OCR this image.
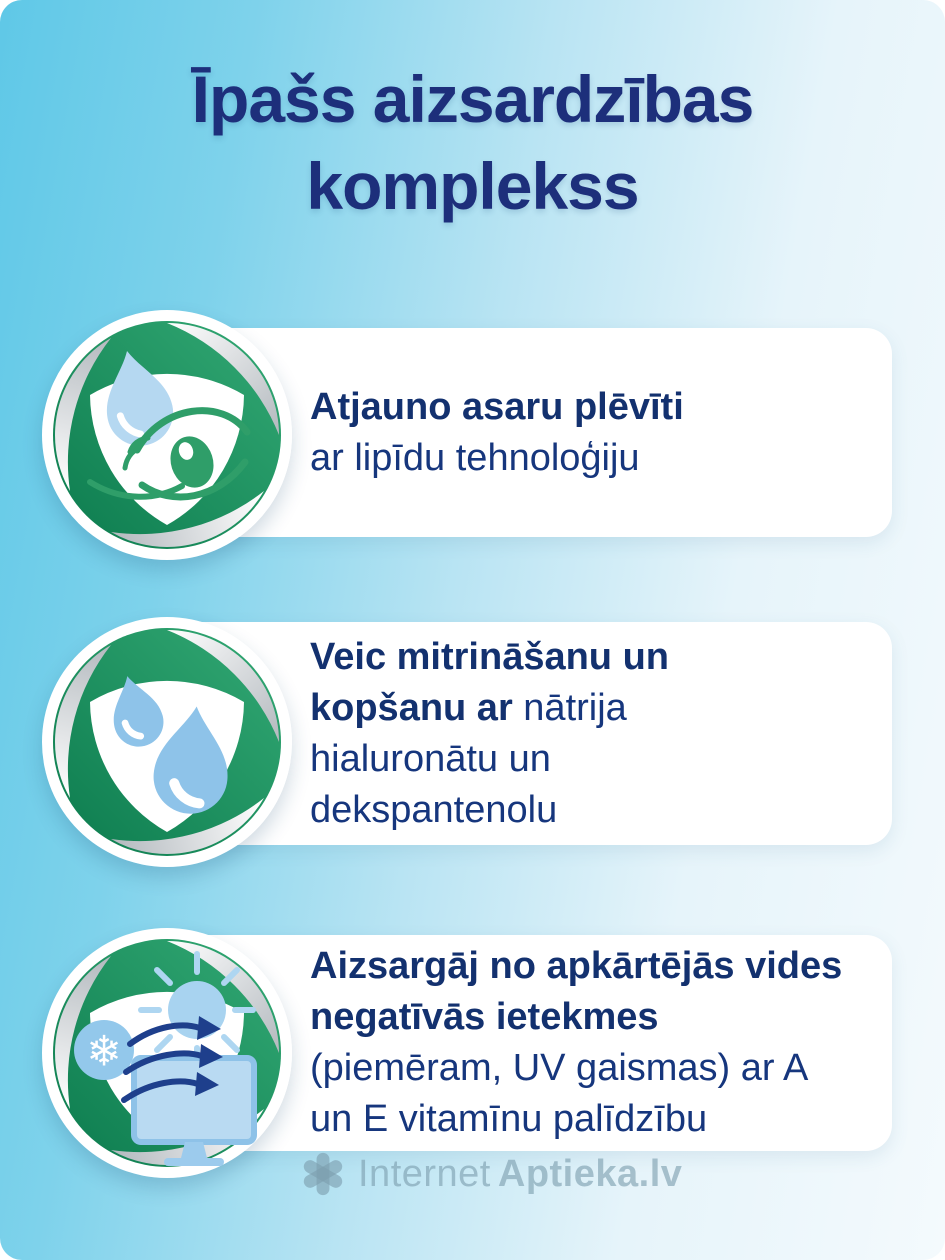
Īpašs aizsardzības
komplekss
Atjauno asaru plēvīti
ar lipīdu tehnoloģiju

Veic mitrināšanu un kopšanu ar nātrija hialuronātu un dekspantenolu

Aizsargāj no apkārtējās vides negatīvās ietekmes
(piemēram, UV gaismas) ar A un E vitamīnu palīdzību
❄
Internet Aptieka.lv
